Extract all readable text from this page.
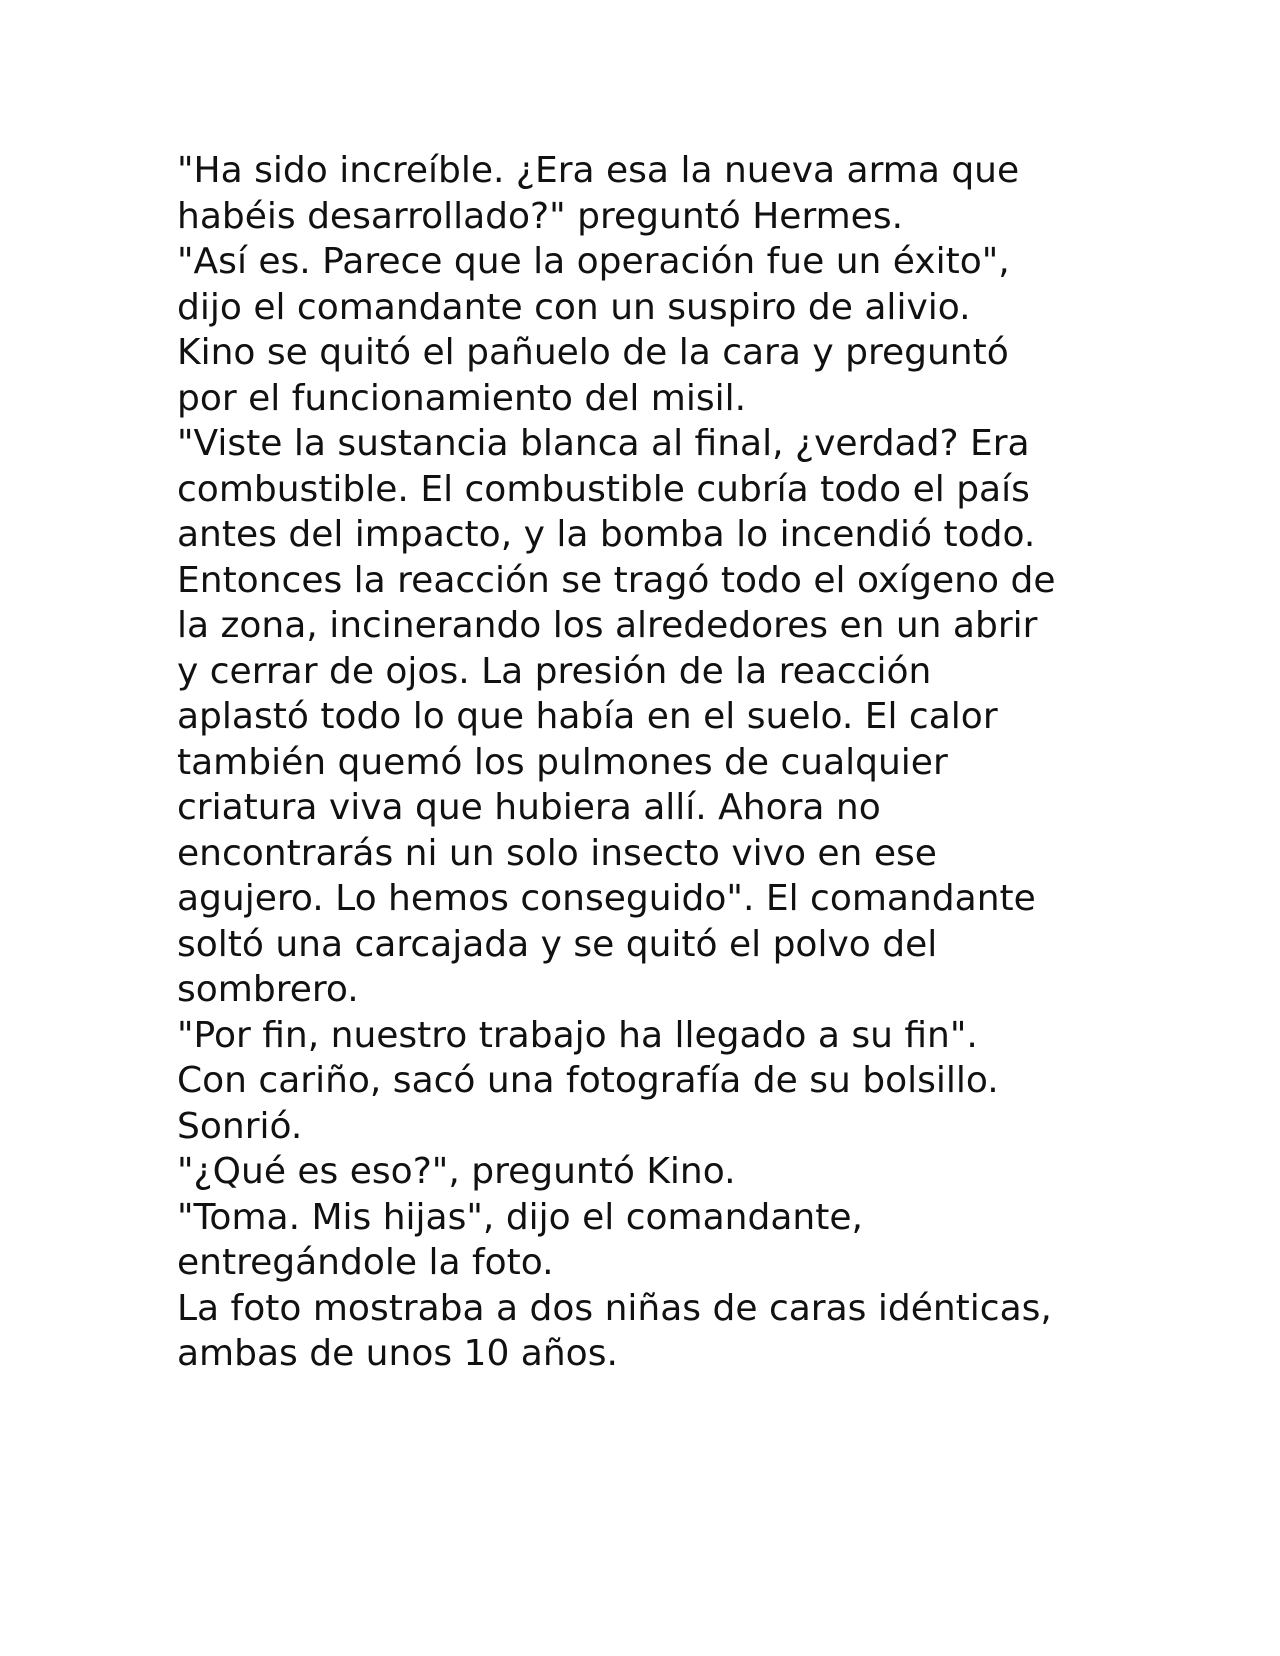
"Ha sido increíble. ¿Era esa la nueva arma que
habéis desarrollado?" preguntó Hermes.
"Así es. Parece que la operación fue un éxito",
dijo el comandante con un suspiro de alivio.
Kino se quitó el pañuelo de la cara y preguntó
por el funcionamiento del misil.
"Viste la sustancia blanca al final, ¿verdad? Era
combustible. El combustible cubría todo el país
antes del impacto, y la bomba lo incendió todo.
Entonces la reacción se tragó todo el oxígeno de
la zona, incinerando los alrededores en un abrir
y cerrar de ojos. La presión de la reacción
aplastó todo lo que había en el suelo. El calor
también quemó los pulmones de cualquier
criatura viva que hubiera allí. Ahora no
encontrarás ni un solo insecto vivo en ese
agujero. Lo hemos conseguido". El comandante
soltó una carcajada y se quitó el polvo del
sombrero.
"Por fin, nuestro trabajo ha llegado a su fin".
Con cariño, sacó una fotografía de su bolsillo.
Sonrió.
"¿Qué es eso?", preguntó Kino.
"Toma. Mis hijas", dijo el comandante,
entregándole la foto.
La foto mostraba a dos niñas de caras idénticas,
ambas de unos 10 años.
